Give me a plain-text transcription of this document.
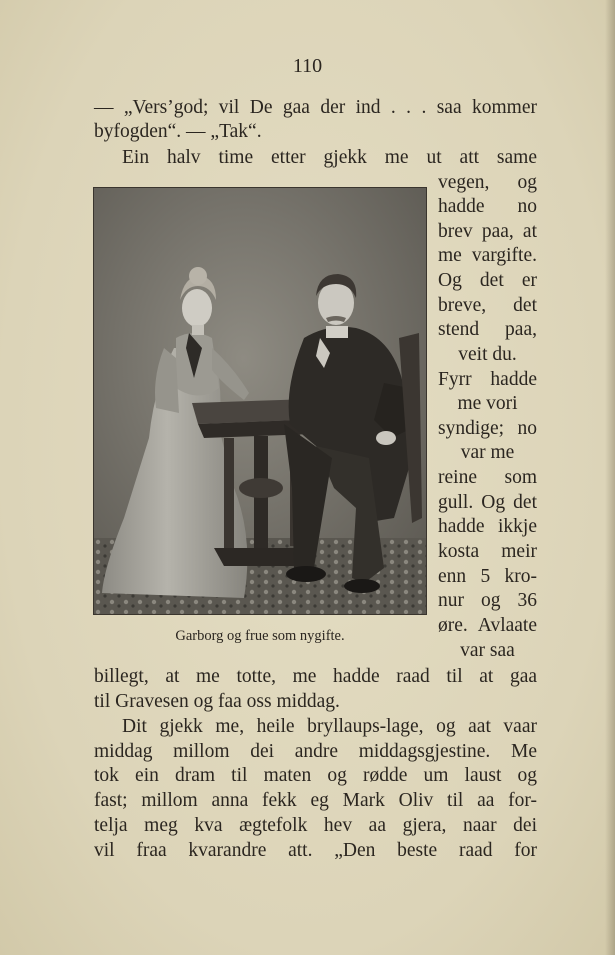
110
— „Vers’god; vil De gaa der ind . . . saa kommer
byfogden“. — „Tak“.
Ein halv time etter gjekk me ut att same
vegen, og
hadde no
brev paa, at
me vargifte.
Og det er
breve, det
stend paa,
veit du.
Fyrr hadde
me vori
syndige; no
var me
reine som
gull. Og det
hadde ikkje
kosta meir
enn 5 kro-
nur og 36
øre. Avlaate
var saa
Garborg og frue som nygifte.
billegt, at me totte, me hadde raad til at gaa
til Gravesen og faa oss middag.
Dit gjekk me, heile bryllaups-lage, og aat vaar
middag millom dei andre middagsgjestine. Me
tok ein dram til maten og rødde um laust og
fast; millom anna fekk eg Mark Oliv til aa for-
telja meg kva ægtefolk hev aa gjera, naar dei
vil fraa kvarandre att. „Den beste raad for
